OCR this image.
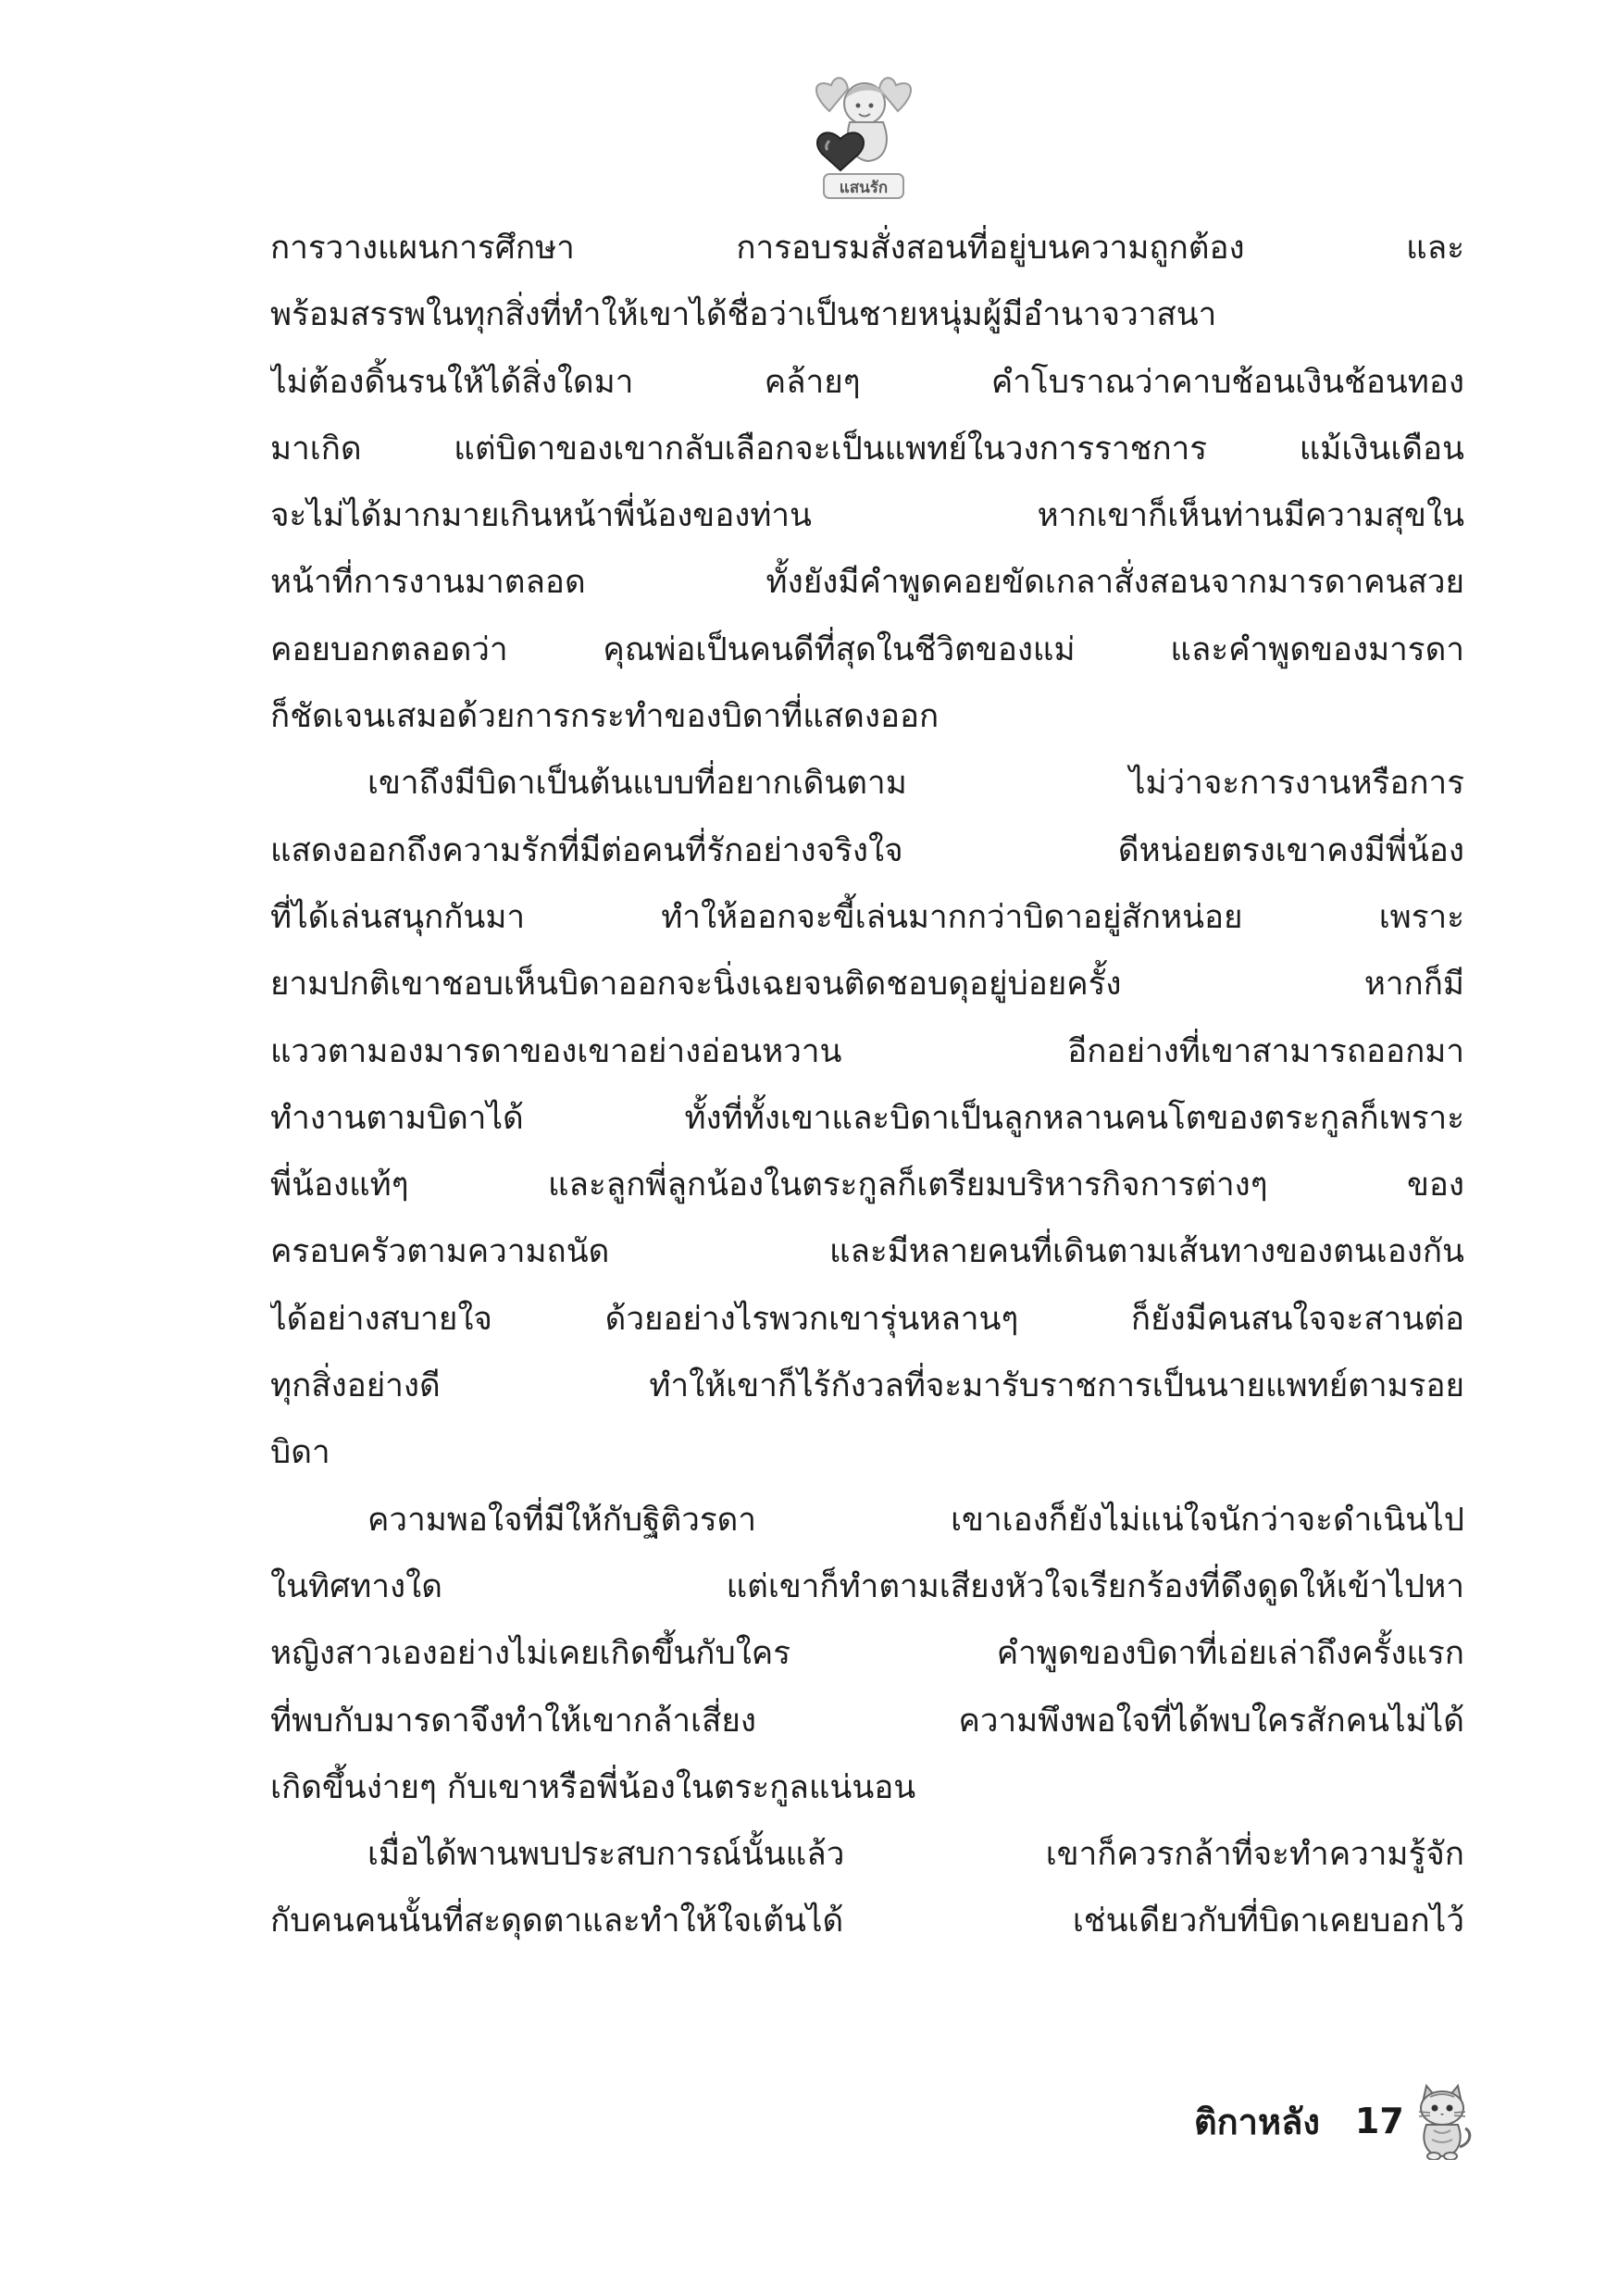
แสนรัก
การวางแผนการศึกษา การอบรมสั่งสอนที่อยู่บนความถูกต้อง และ
พร้อมสรรพในทุกสิ่งที่ทำให้เขาได้ชื่อว่าเป็นชายหนุ่มผู้มีอำนาจวาสนา
ไม่ต้องดิ้นรนให้ได้สิ่งใดมา คล้ายๆ คำโบราณว่าคาบช้อนเงินช้อนทอง
มาเกิด แต่บิดาของเขากลับเลือกจะเป็นแพทย์ในวงการราชการ แม้เงินเดือน
จะไม่ได้มากมายเกินหน้าพี่น้องของท่าน หากเขาก็เห็นท่านมีความสุขใน
หน้าที่การงานมาตลอด ทั้งยังมีคำพูดคอยขัดเกลาสั่งสอนจากมารดาคนสวย
คอยบอกตลอดว่า คุณพ่อเป็นคนดีที่สุดในชีวิตของแม่ และคำพูดของมารดา
ก็ชัดเจนเสมอด้วยการกระทำของบิดาที่แสดงออก
เขาถึงมีบิดาเป็นต้นแบบที่อยากเดินตาม ไม่ว่าจะการงานหรือการ
แสดงออกถึงความรักที่มีต่อคนที่รักอย่างจริงใจ ดีหน่อยตรงเขาคงมีพี่น้อง
ที่ได้เล่นสนุกกันมา ทำให้ออกจะขี้เล่นมากกว่าบิดาอยู่สักหน่อย เพราะ
ยามปกติเขาชอบเห็นบิดาออกจะนิ่งเฉยจนติดชอบดุอยู่บ่อยครั้ง หากก็มี
แววตามองมารดาของเขาอย่างอ่อนหวาน อีกอย่างที่เขาสามารถออกมา
ทำงานตามบิดาได้ ทั้งที่ทั้งเขาและบิดาเป็นลูกหลานคนโตของตระกูลก็เพราะ
พี่น้องแท้ๆ และลูกพี่ลูกน้องในตระกูลก็เตรียมบริหารกิจการต่างๆ ของ
ครอบครัวตามความถนัด และมีหลายคนที่เดินตามเส้นทางของตนเองกัน
ได้อย่างสบายใจ ด้วยอย่างไรพวกเขารุ่นหลานๆ ก็ยังมีคนสนใจจะสานต่อ
ทุกสิ่งอย่างดี ทำให้เขาก็ไร้กังวลที่จะมารับราชการเป็นนายแพทย์ตามรอย
บิดา
ความพอใจที่มีให้กับฐิติวรดา เขาเองก็ยังไม่แน่ใจนักว่าจะดำเนินไป
ในทิศทางใด แต่เขาก็ทำตามเสียงหัวใจเรียกร้องที่ดึงดูดให้เข้าไปหา
หญิงสาวเองอย่างไม่เคยเกิดขึ้นกับใคร คำพูดของบิดาที่เอ่ยเล่าถึงครั้งแรก
ที่พบกับมารดาจึงทำให้เขากล้าเสี่ยง ความพึงพอใจที่ได้พบใครสักคนไม่ได้
เกิดขึ้นง่ายๆ กับเขาหรือพี่น้องในตระกูลแน่นอน
เมื่อได้พานพบประสบการณ์นั้นแล้ว เขาก็ควรกล้าที่จะทำความรู้จัก
กับคนคนนั้นที่สะดุดตาและทำให้ใจเต้นได้ เช่นเดียวกับที่บิดาเคยบอกไว้
ติกาหลัง 17
